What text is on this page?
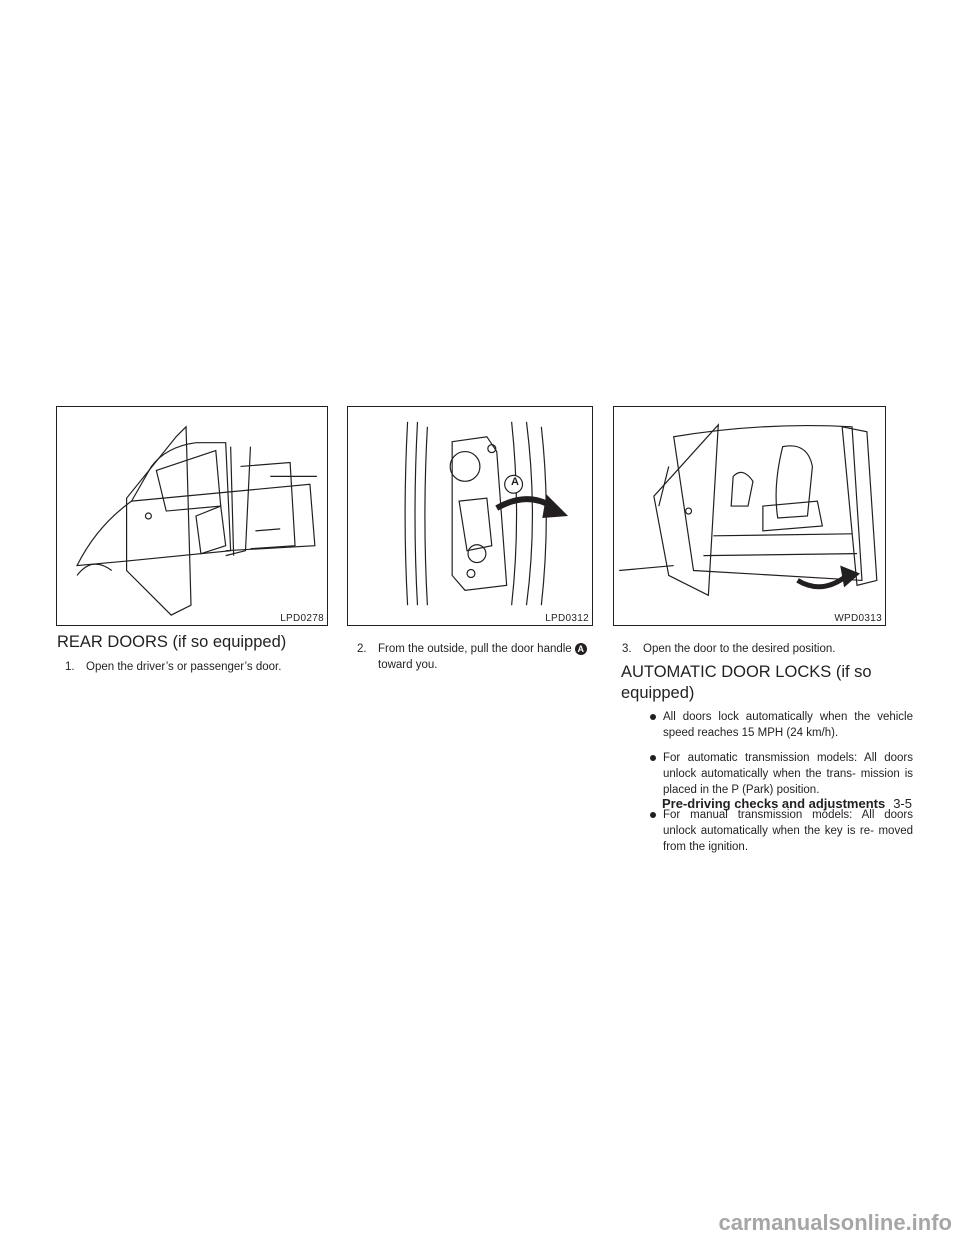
LPD0278
A
LPD0312	WPD0313
REAR DOORS (if so equipped)

1. Open the driver’s or passenger’s door.

2. From the outside, pull the door handle A
toward you.

3. Open the door to the desired position.

AUTOMATIC DOOR LOCKS (if so
equipped)
All doors lock automatically when the vehicle speed reaches 15 MPH (24 km/h).
For automatic transmission models: All doors unlock automatically when the trans- mission is placed in the P (Park) position.
For manual transmission models: All doors unlock automatically when the key is re- moved from the ignition.
Pre-driving checks and adjustments 3-5
carmanualsonline.info
